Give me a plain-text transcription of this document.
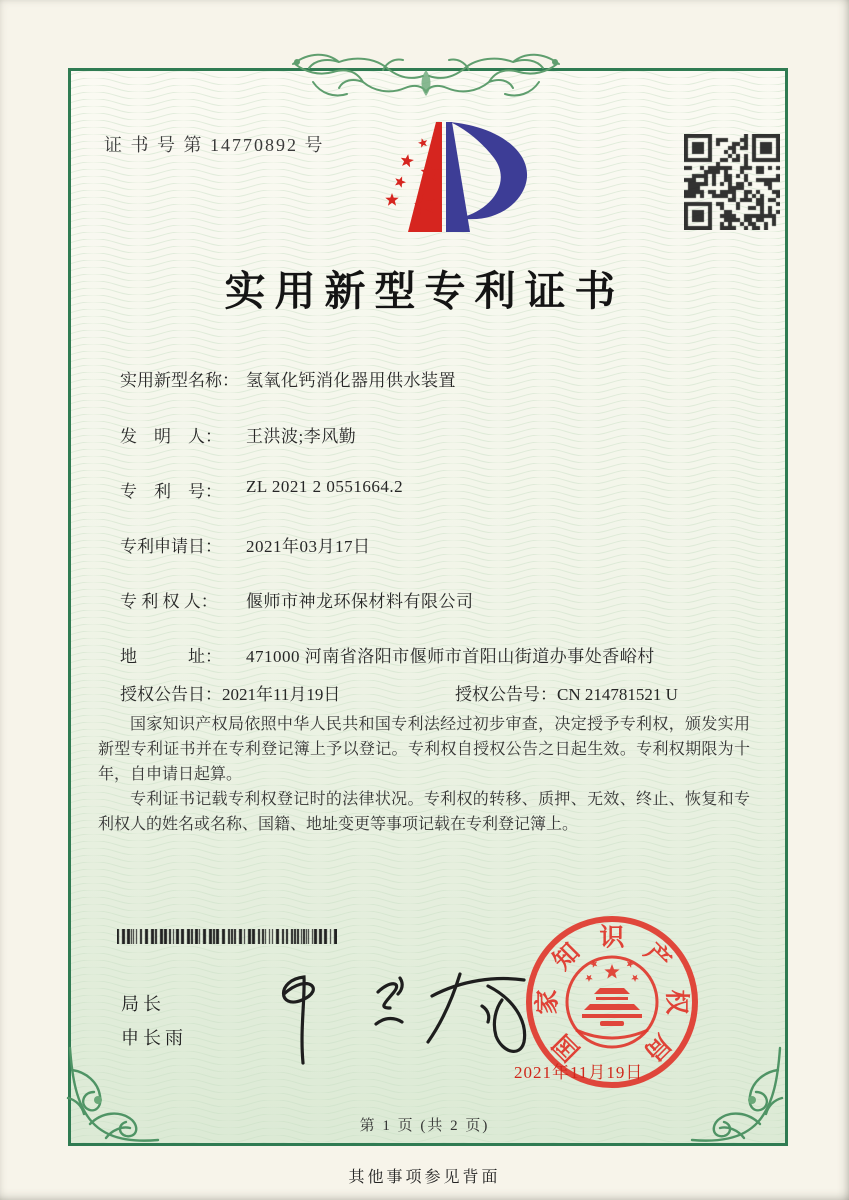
证 书 号 第 14770892 号
实用新型专利证书
实用新型名称： 氢氧化钙消化器用供水装置
发　明　人：	王洪波;李风勤
专　利　号：	ZL 2021 2 0551664.2
专利申请日：	2021年03月17日
专 利 权 人：	偃师市神龙环保材料有限公司
地　　　址：	471000 河南省洛阳市偃师市首阳山街道办事处香峪村
授权公告日：2021年11月19日	授权公告号：CN 214781521 U

国家知识产权局依照中华人民共和国专利法经过初步审查，决定授予专利权，颁发实用新型专利证书并在专利登记簿上予以登记。专利权自授权公告之日起生效。专利权期限为十年，自申请日起算。

专利证书记载专利权登记时的法律状况。专利权的转移、质押、无效、终止、恢复和专利权人的姓名或名称、国籍、地址变更等事项记载在专利登记簿上。

局长
申长雨	国
家
知
识
产
权
局
2021年11月19日
第 1 页 (共 2 页)
其他事项参见背面
